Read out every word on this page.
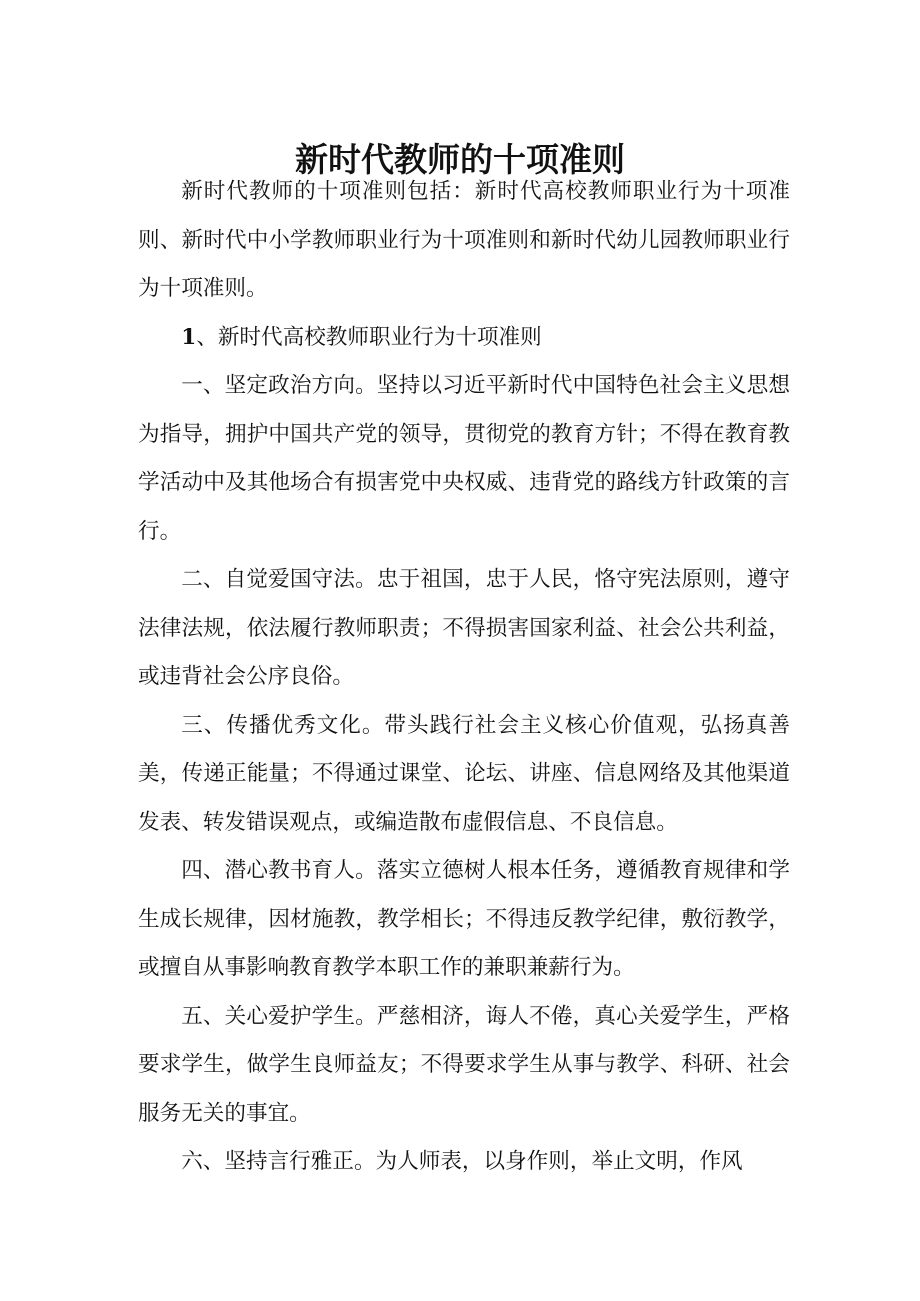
新时代教师的十项准则

新时代教师的十项准则包括：新时代高校教师职业行为十项准则、新时代中小学教师职业行为十项准则和新时代幼儿园教师职业行为十项准则。

1、新时代高校教师职业行为十项准则

一、坚定政治方向。坚持以习近平新时代中国特色社会主义思想为指导，拥护中国共产党的领导，贯彻党的教育方针；不得在教育教学活动中及其他场合有损害党中央权威、违背党的路线方针政策的言行。

二、自觉爱国守法。忠于祖国，忠于人民，恪守宪法原则，遵守法律法规，依法履行教师职责；不得损害国家利益、社会公共利益，或违背社会公序良俗。

三、传播优秀文化。带头践行社会主义核心价值观，弘扬真善美，传递正能量；不得通过课堂、论坛、讲座、信息网络及其他渠道发表、转发错误观点，或编造散布虚假信息、不良信息。

四、潜心教书育人。落实立德树人根本任务，遵循教育规律和学生成长规律，因材施教，教学相长；不得违反教学纪律，敷衍教学，或擅自从事影响教育教学本职工作的兼职兼薪行为。

五、关心爱护学生。严慈相济，诲人不倦，真心关爱学生，严格要求学生，做学生良师益友；不得要求学生从事与教学、科研、社会服务无关的事宜。

六、坚持言行雅正。为人师表，以身作则，举止文明，作风
